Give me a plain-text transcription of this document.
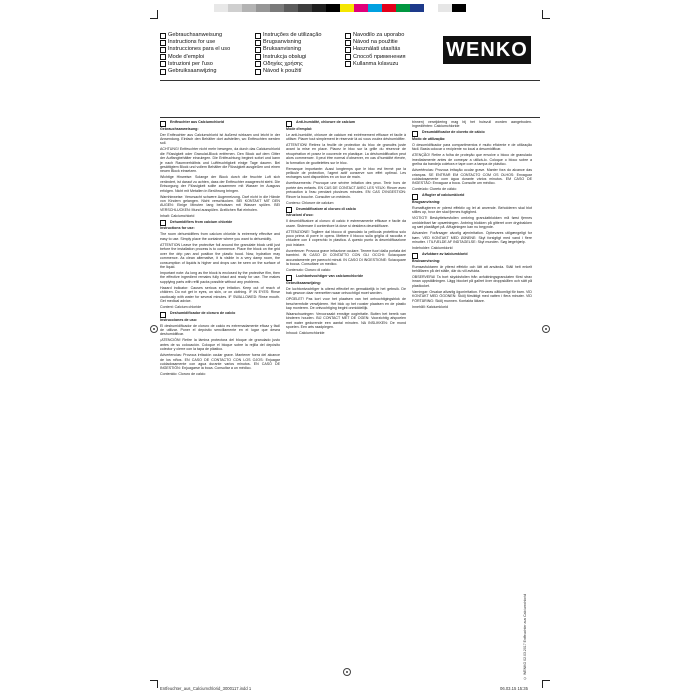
Gebrauchsanweisung
Instructions for use
Instrucciones para el uso
Mode d'emploi
Istruzioni per l'uso
Gebruiksaanwijzing
Instruções de utilização
Brugsanvisning
Bruksanvisning
Instrukcja obsługi
Οδηγίες χρήσης
Návod k použití
Navodilo za uporabo
Návod na použitie
Használati utasítás
Способ применения
Kullanma kılavuzu
WENKO
Entfeuchter aus Calciumchlorid

Gebrauchsanweisung:

Der Entfeuchter aus Calciumchlorid ist äußerst wirksam und leicht in der Anwendung. Einfach den Behälter dort aufstellen, wo Entfeuchten werden soll.

ACHTUNG! Entfeuchter nicht mehr bewegen, da durch das Calciumchlorid die Flüssigkeit oder Granulat-Block entfernen. Den Block auf dem Gitter der Auffangbehälter einzulegen. Die Entfeuchtung beginnt sofort und kann je nach Raumverhältnis und Luftfeuchtigkeit einige Tage dauern. Bei gesättigtem Block und vollem Behälter die Flüssigkeit ausgießen und einen neuen Block einsetzen.

Wichtige Hinweise: Solange der Block durch die feuchte Luft sich verändert, ist darauf zu achten, dass der Entfeuchter waagerecht steht. Die Entsorgung der Flüssigkeit sollte zusammen mit Wasser im Ausguss erfolgen. Nicht mit Metallen in Berührung bringen.

Warnhinweise: Verursacht schwere Augenreizung. Darf nicht in die Hände von Kindern gelangen. Nicht verschlucken. BEI KONTAKT MIT DEN AUGEN: Einige Minuten lang behutsam mit Wasser spülen. BEI VERSCHLUCKEN: Mund ausspülen. Ärztlichen Rat einholen.

Inhalt: Calciumchlorid

Dehumidifiers from calcium chloride

Instructions for use:

The room dehumidifiers from calcium chloride is extremely effective and easy to use. Simply place the container where you want to dehumidify.

ATTENTION Leave the protective foil around the granulate block until just before the installation process is to commence. Place the block on the grid over the drip pan and position the plastic hood. Now, hydration may commence. As clean alternative, it is visible in a very damp room, the consumption of liquids is higher and drops can be seen on the surface of the liquid.

Important note: As long as the block is enclosed by the protective film, then the effective ingredient remains fully intact and ready for use. The makes supplying parts with refill packs possible without any problems.

Hazard indicator: Causes serious eye irritation. Keep out of reach of children. Do not get in eyes, on skin, or on clothing. IF IN EYES: Rinse cautiously with water for several minutes. IF SWALLOWED: Rinse mouth. Get medical advice.

Content: Calcium chloride

Deshumidificador de cloruro de calcio

Instrucciones de uso:

El deshumidificador de cloruro de calcio es extremadamente eficaz y fácil de utilizar. Poner el depósito sencillamente en el lugar que desea deshumidificar.

¡ATENCIÓN! Retire la lámina protectora del bloque de granulado justo antes de su colocación. Coloque el bloque sobre la rejilla del depósito colector y cierre con la tapa de plástico.

Advertencias: Provoca irritación ocular grave. Mantener fuera del alcance de los niños. EN CASO DE CONTACTO CON LOS OJOS: Enjuagar cuidadosamente con agua durante varios minutos. EN CASO DE INGESTIÓN: Enjuagarse la boca. Consultar a un médico.

Contenido: Cloruro de calcio

Anti-humidité, chlorure de calcium

Mode d'emploi:

Le anti-humidité, chlorure de calcium est extrêmement efficace et facile à utiliser. Placer tout simplement le réservoir là où vous voulez déshumidifier.

ATTENTION! Retirez la feuille de protection du bloc de granulés juste avant la mise en place. Placez le bloc sur la grille du réservoir de récupération et posez le couvercle en plastique. La déshumidification peut alors commencer. Il peut être normal d'observer, en cas d'humidité élevée, la formation de gouttelettes sur le bloc.

Remarque importante: Aussi longtemps que le bloc est fermé par la pellicule de protection, l'agent actif conserve son effet optimal. Les recharges sont disponibles en un tour de main.

Avertissements: Provoque une sévère irritation des yeux. Tenir hors de portée des enfants. EN CAS DE CONTACT AVEC LES YEUX: Rincer avec précaution à l'eau pendant plusieurs minutes. EN CAS D'INGESTION: Rincer la bouche. Consulter un médecin.

Contenu: Chlorure de calcium

Deumidificatore al cloruro di calcio

Istruzioni d'uso:

Il deumidificatore al cloruro di calcio è estremamente efficace e facile da usare. Sistemare il contenitore là dove si desidera deumidificare.

ATTENZIONE! Togliere dal blocco di granulato la pellicola protettiva solo poco prima di porre in opera. Mettere il blocco sulla griglia di raccolta e chiudere con il coperchio in plastica. A questo punto la deumidificazione può iniziare.

Avvertenze: Provoca grave irritazione oculare. Tenere fuori dalla portata dei bambini. IN CASO DI CONTATTO CON GLI OCCHI: Sciacquare accuratamente per parecchi minuti. IN CASO DI INGESTIONE: Sciacquare la bocca. Consultare un medico.

Contenuto: Cloruro di calcio

Luchtontvochtiger van calciumchloride

Gebruiksaanwijzing:

De luchtontvochtiger is uiterst effectief en gemakkelijk in het gebruik. De bak gewoon daar neerzetten waar ontvochtigd moet worden.

OPGELET! Pas kort voor het plaatsen van het ontvochtigingsblok de beschermfolie verwijderen. Het blok op het rooster plaatsen en de plastic kap monteren. De ontvochtiging begint onmiddellijk.

Waarschuwingen: Veroorzaakt ernstige oogirritatie. Buiten het bereik van kinderen houden. BIJ CONTACT MET DE OGEN: Voorzichtig afspoelen met water gedurende een aantal minuten. NA INSLIKKEN: De mond spoelen. Een arts raadplegen.

Inhoud: Calciumchloride

binnen) verwijdering mag bij het huisvuil worden aangeboden. Ingrediënten: Calciumchloride

Desumidificador de cloreto de cálcio

Modo de utilização:

O desumidificador para compartimentos é muito eficiente e de utilização fácil. Basta colocar o recipiente no local a desumidificar.

ATENÇÃO! Retire a folha de proteção que envolve o bloco de granulado imediatamente antes de começar a utilizá-lo. Coloque o bloco sobre a grelha da bandeja coletora e tape com a tampa de plástico.

Advertências: Provoca irritação ocular grave. Manter fora do alcance das crianças. SE ENTRAR EM CONTACTO COM OS OLHOS: Enxaguar cuidadosamente com água durante vários minutos. EM CASO DE INGESTÃO: Enxaguar a boca. Consulte um médico.

Conteúdo: Cloreto de cálcio

Affugter af calciumklorid

Brugsanvisning:

Rumaffugteren er yderst effektiv og let at anvende. Beholderen skal blot stilles op, hvor der skal fjernes fugtighed.

VIGTIGT! Beskyttelsesfolien omkring granulatblokken må først fjernes umiddelbart før opsætningen. Anbring blokken på gitteret over drypbakken og sæt plastlåget på. Affugtningen kan nu begynde.

Advarsler: Forårsager alvorlig øjenirritation. Opbevares utilgængeligt for børn. VED KONTAKT MED ØJNENE: Skyl forsigtigt med vand i flere minutter. I TILFÆLDE AF INDTAGELSE: Skyl munden. Søg lægehjælp.

Indeholder: Calciumklorid

Avfuktare av kalciumklorid

Bruksanvisning:

Rumsavfuktaren är ytterst effektiv och lätt att använda. Ställ helt enkelt behållaren på det ställe, där du vill avfukta.

OBSERVERA! Ta bort skyddsfolien från avfuktningsgranulaten först strax innan uppställningen. Lägg blocket på gallret över droppskålen och sätt på plastlocket.

Varningar: Orsakar allvarlig ögonirritation. Förvaras oåtkomligt för barn. VID KONTAKT MED ÖGONEN: Skölj försiktigt med vatten i flera minuter. VID FÖRTÄRING: Skölj munnen. Kontakta läkare.

Innehåll: Kalciumklorid

© WENKO 02.03.2017 Entfeuchter aus Calciumchlorid
Entfeuchter_aus_Calciumchlorid_3000117.indd 1	06.03.15 15:35
